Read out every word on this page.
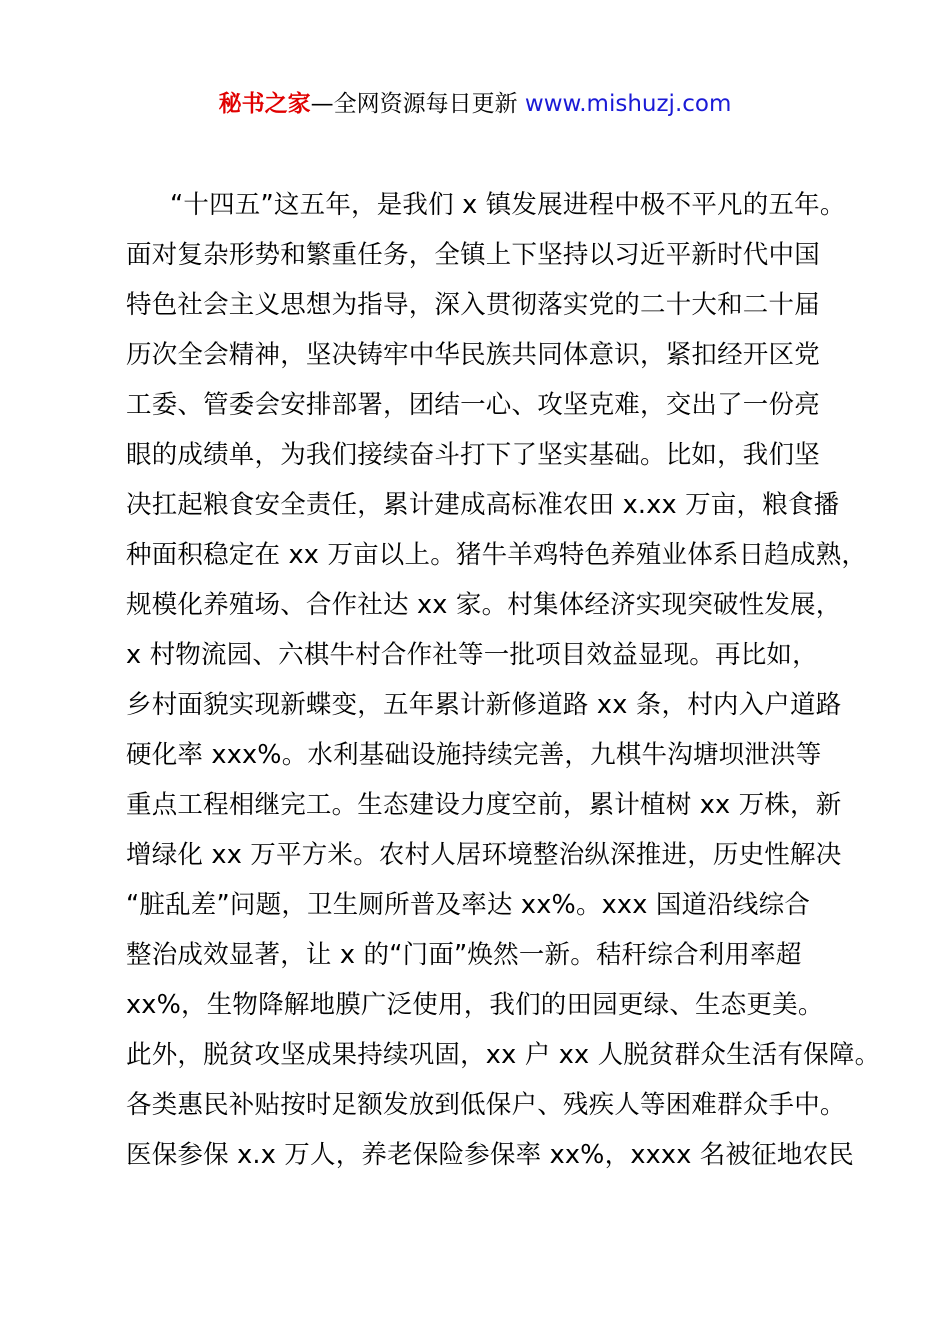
秘书之家—全网资源每日更新 www.mishuzj.com
“十四五”这五年，是我们 x 镇发展进程中极不平凡的五年。
面对复杂形势和繁重任务，全镇上下坚持以习近平新时代中国
特色社会主义思想为指导，深入贯彻落实党的二十大和二十届
历次全会精神，坚决铸牢中华民族共同体意识，紧扣经开区党
工委、管委会安排部署，团结一心、攻坚克难，交出了一份亮
眼的成绩单，为我们接续奋斗打下了坚实基础。比如，我们坚
决扛起粮食安全责任，累计建成高标准农田 x.xx 万亩，粮食播
种面积稳定在 xx 万亩以上。猪牛羊鸡特色养殖业体系日趋成熟，
规模化养殖场、合作社达 xx 家。村集体经济实现突破性发展，
x 村物流园、六棋牛村合作社等一批项目效益显现。再比如，
乡村面貌实现新蝶变，五年累计新修道路 xx 条，村内入户道路
硬化率 xxx%。水利基础设施持续完善，九棋牛沟塘坝泄洪等
重点工程相继完工。生态建设力度空前，累计植树 xx 万株，新
增绿化 xx 万平方米。农村人居环境整治纵深推进，历史性解决
“脏乱差”问题，卫生厕所普及率达 xx%。xxx 国道沿线综合
整治成效显著，让 x 的“门面”焕然一新。秸秆综合利用率超
xx%，生物降解地膜广泛使用，我们的田园更绿、生态更美。
此外，脱贫攻坚成果持续巩固，xx 户 xx 人脱贫群众生活有保障。
各类惠民补贴按时足额发放到低保户、残疾人等困难群众手中。
医保参保 x.x 万人，养老保险参保率 xx%，xxxx 名被征地农民
